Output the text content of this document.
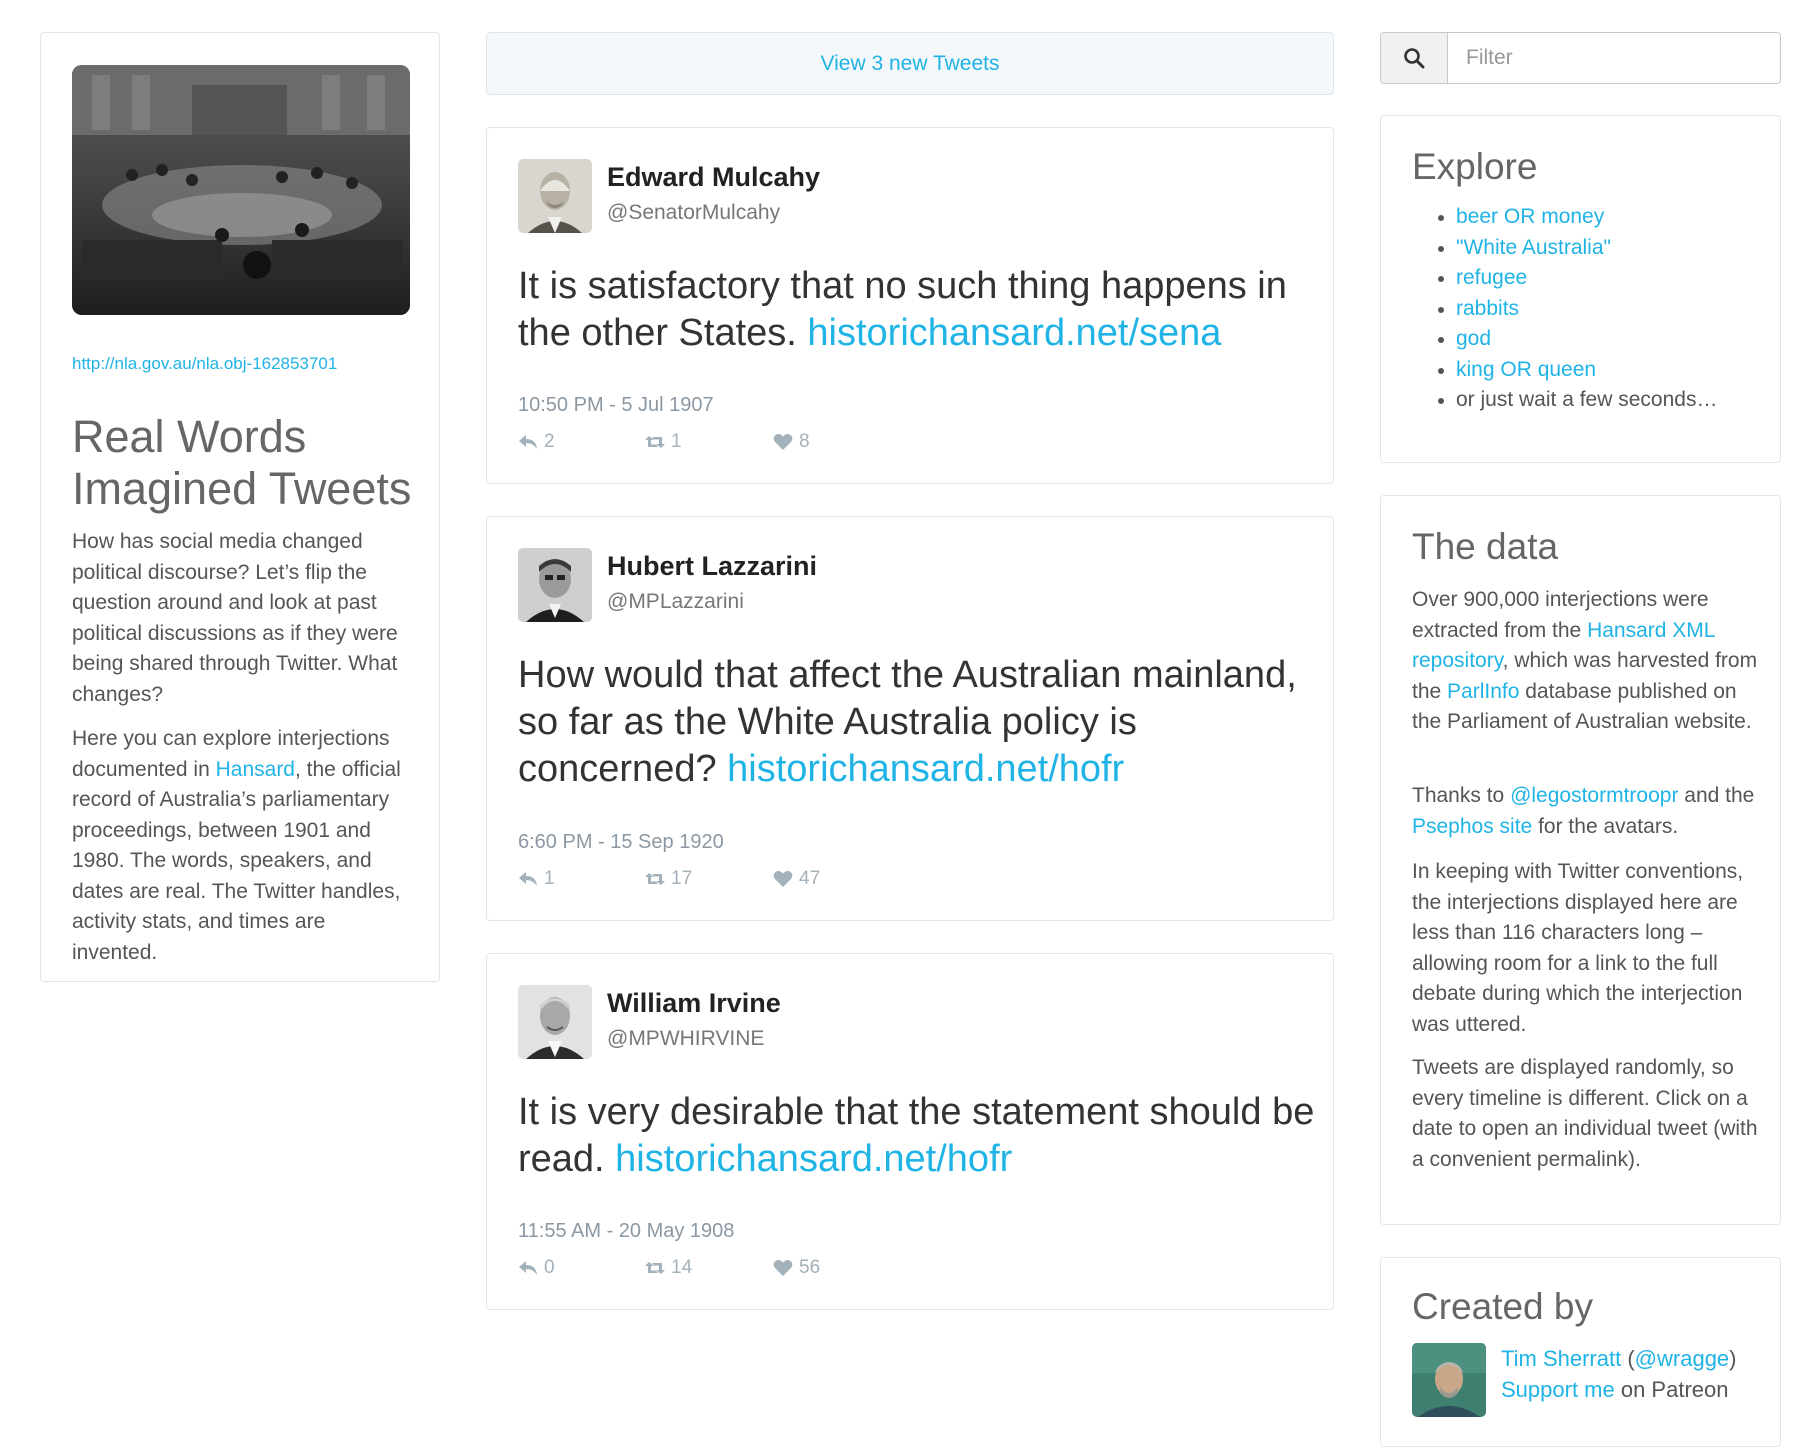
http://nla.gov.au/nla.obj-162853701
Real Words Imagined Tweets

How has social media changed political discourse? Let’s flip the question around and look at past political discussions as if they were being shared through Twitter. What changes?

Here you can explore interjections documented in Hansard, the official record of Australia’s parliamentary proceedings, between 1901 and 1980. The words, speakers, and dates are real. The Twitter handles, activity stats, and times are invented.

View 3 new Tweets
Edward Mulcahy
@SenatorMulcahy

It is satisfactory that no such thing happens in the other States. historichansard.net/sena

10:50 PM - 5 Jul 1907
2	1	8
Hubert Lazzarini
@MPLazzarini

How would that affect the Australian mainland, so far as the White Australia policy is concerned? historichansard.net/hofr

6:60 PM - 15 Sep 1920
1	17	47
William Irvine
@MPWHIRVINE

It is very desirable that the statement should be read. historichansard.net/hofr

11:55 AM - 20 May 1908
0	14	56
Filter
Explore
beer OR money
"White Australia"
refugee
rabbits
god
king OR queen
or just wait a few seconds…
The data

Over 900,000 interjections were extracted from the Hansard XML repository, which was harvested from the ParlInfo database published on the Parliament of Australian website.

Thanks to @legostormtroopr and the Psephos site for the avatars.

In keeping with Twitter conventions, the interjections displayed here are less than 116 characters long – allowing room for a link to the full debate during which the interjection was uttered.

Tweets are displayed randomly, so every timeline is different. Click on a date to open an individual tweet (with a convenient permalink).

Created by
Tim Sherratt (@wragge)
Support me on Patreon
